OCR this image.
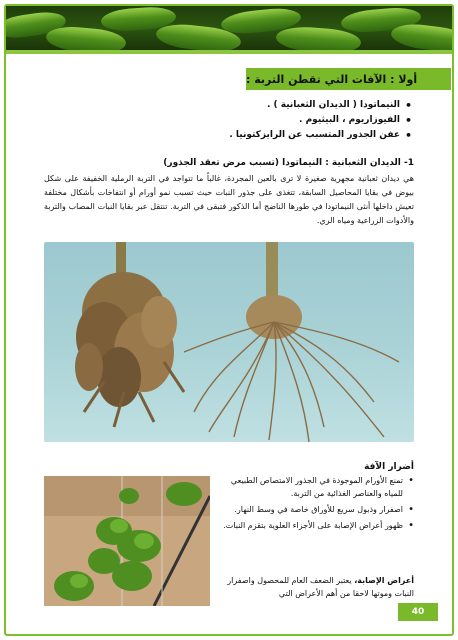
أولا : الآفات التي تقطن التربة :
• النيماتودا ( الديدان الثعبانية ) .
• الفيوزاريوم ، البيثيوم .
• عفن الجذور المتسبب عن الرايزكتونيا .
1- الديدان الثعبانية : النيماتودا (تسبب مرض تعقد الجذور)

هي ديدان ثعبانية مجهرية صغيرة لا ترى بالعين المجردة، غالباً ما تتواجد في التربة الرملية الخفيفة على شكل بيوض في بقايا المحاصيل السابقة، تتغذى على جذور النبات حيث تسبب نمو أورام أو انتفاخات بأشكال مختلفة تعيش داخلها أنثى النيماتودا في طورها الناضج أما الذكور فتبقى في التربة. تنتقل عبر بقايا النبات المصاب والتربة والأدوات الزراعية ومياه الري.

أضرار الآفة
• تمنع الأورام الموجودة في الجذور الامتصاص الطبيعي للمياه والعناصر الغذائية من التربة.
• اصفرار وذبول سريع للأوراق خاصة في وسط النهار.
• ظهور أعراض الإصابة على الأجزاء العلوية بتقزم النبات.

أعراض الإصابة، يعتبر الضعف العام للمحصول واصفرار النبات وموتها لاحقا من أهم الأعراض التي

40
